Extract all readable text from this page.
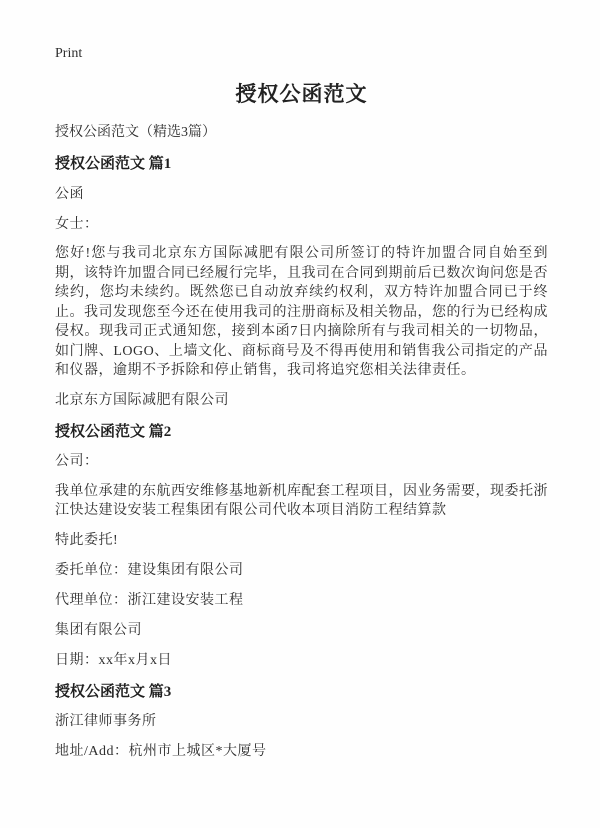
Print
授权公函范文

授权公函范文（精选3篇）

授权公函范文 篇1

公函

女士：

您好!您与我司北京东方国际减肥有限公司所签订的特许加盟合同自始至到期，该特许加盟合同已经履行完毕，且我司在合同到期前后已数次询问您是否续约，您均未续约。既然您已自动放弃续约权利，双方特许加盟合同已于终止。我司发现您至今还在使用我司的注册商标及相关物品，您的行为已经构成侵权。现我司正式通知您，接到本函7日内摘除所有与我司相关的一切物品，如门牌、LOGO、上墙文化、商标商号及不得再使用和销售我公司指定的产品和仪器，逾期不予拆除和停止销售，我司将追究您相关法律责任。

北京东方国际减肥有限公司

授权公函范文 篇2

公司：

我单位承建的东航西安维修基地新机库配套工程项目，因业务需要，现委托浙江快达建设安装工程集团有限公司代收本项目消防工程结算款

特此委托!

委托单位：建设集团有限公司

代理单位：浙江建设安装工程

集团有限公司

日期：xx年x月x日

授权公函范文 篇3

浙江律师事务所

地址/Add：杭州市上城区*大厦号
